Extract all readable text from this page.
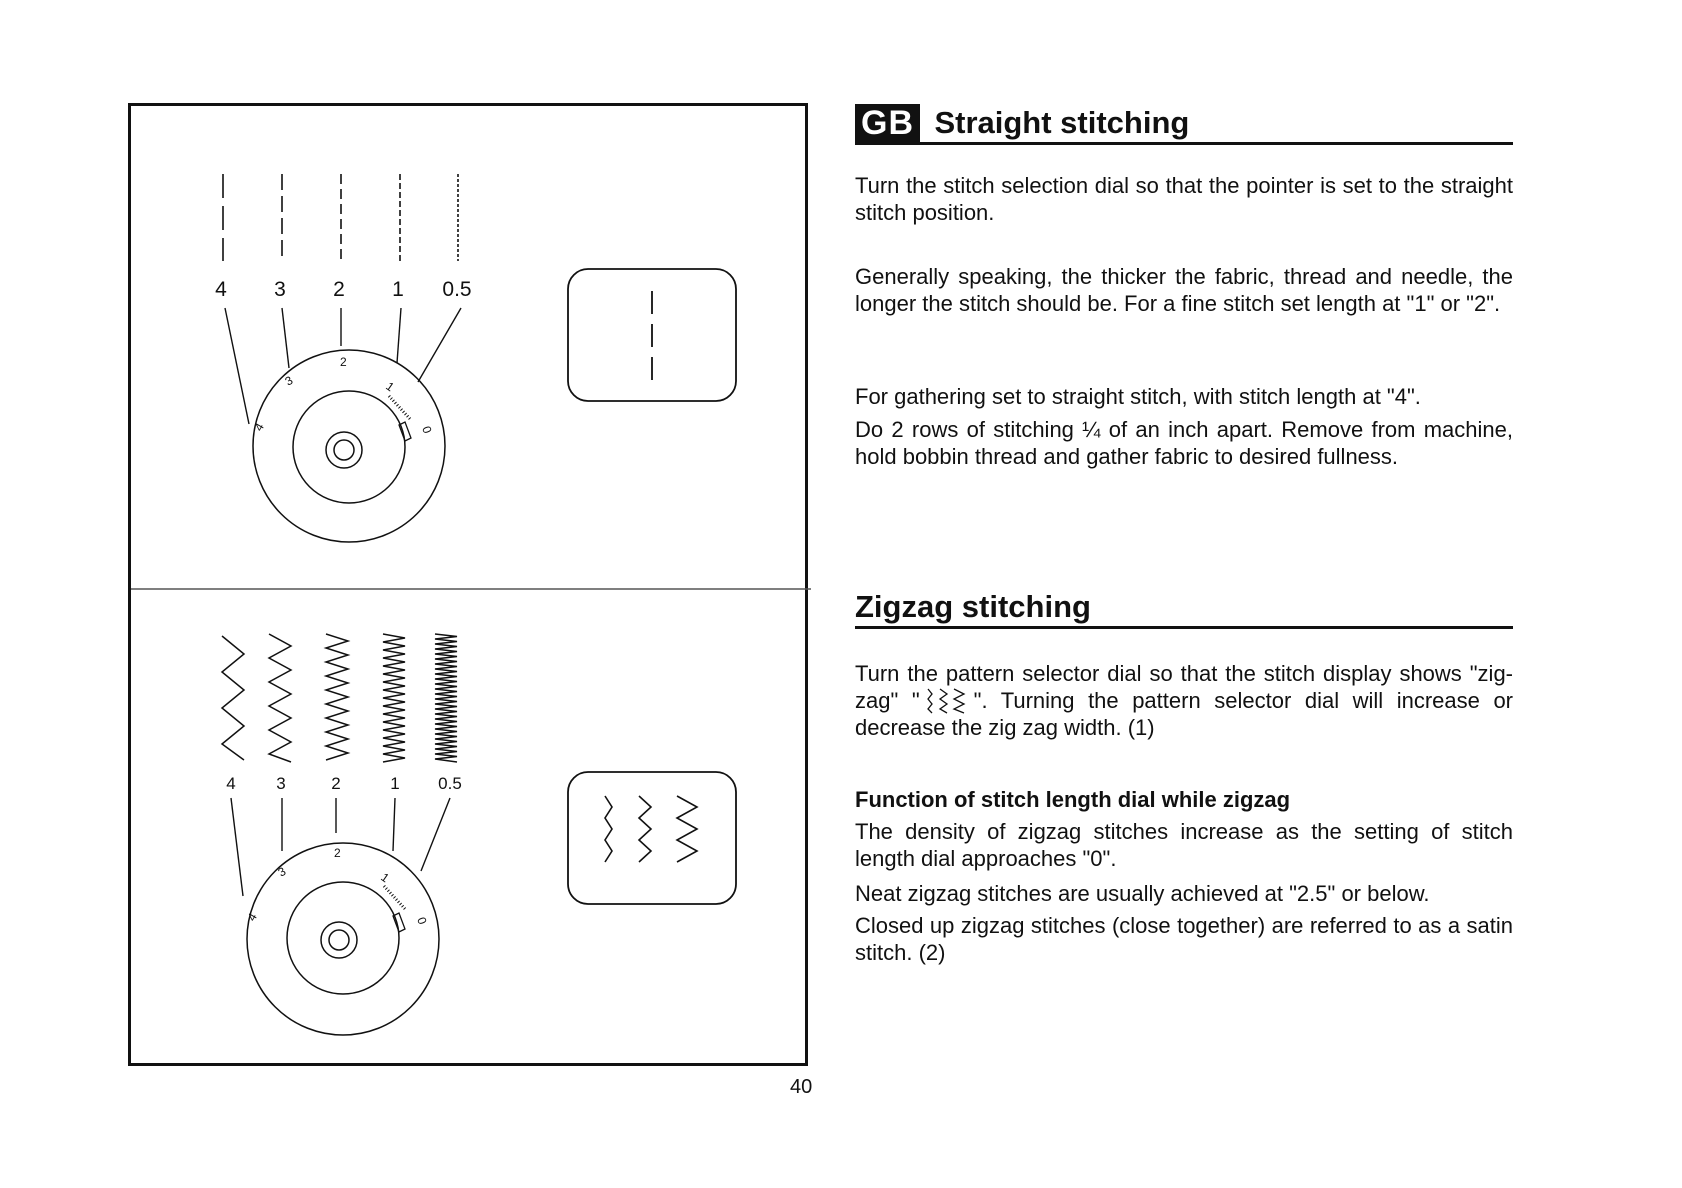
4 3 2 1 0.5
4
3
2
1
0
4 3	2	1 0.5
4
3
2
1
0
GB Straight stitching

Turn the stitch selection dial so that the pointer is set to the straight stitch position.

Generally speaking, the thicker the fabric, thread and needle, the longer the stitch should be. For a fine stitch set length at "1" or "2".

For gathering set to straight stitch, with stitch length at "4".

Do 2 rows of stitching ¼ of an inch apart. Remove from machine, hold bobbin thread and gather fabric to desired fullness.

Zigzag stitching

Turn the pattern selector dial so that the stitch display shows "zig-zag" " ". Turning the pattern selector dial will increase or decrease the zig zag width. (1)

Function of stitch length dial while zigzag

The density of zigzag stitches increase as the setting of stitch length dial approaches "0".

Neat zigzag stitches are usually achieved at "2.5" or below.

Closed up zigzag stitches (close together) are referred to as a satin stitch. (2)

40
